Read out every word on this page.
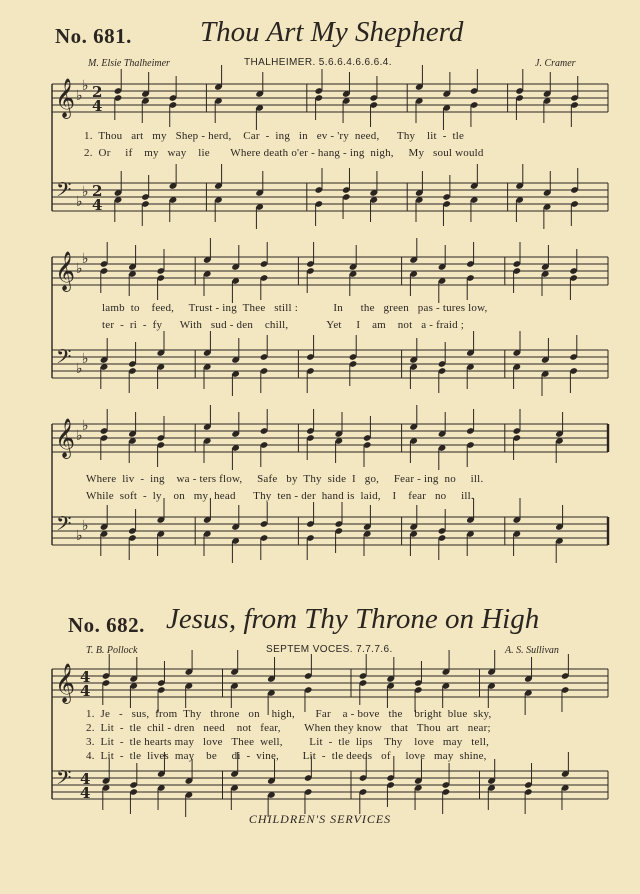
No. 681. Thou Art My Shepherd
M. Elsie Thalheimer	THALHEIMER. 5.6.6.4.6.6.6.4.	J. Cramer
1.  Thou   art   my   Shep - herd,    Car  -  ing   in   ev - 'ry  need,      Thy    lit  -  tle
2.  Or     if    my   way    lie       Where death o'er - hang - ing  nigh,     My   soul would
lamb  to    feed,     Trust - ing  Thee   still :            In      the   green   pas - tures low,
ter  -  ri  -  fy      With   sud - den    chill,             Yet     I    am    not   a - fraid ;
Where  liv  -  ing    wa - ters flow,     Safe   by  Thy  side  I   go,     Fear - ing  no     ill.
While  soft  -  ly    on   my  head      Thy  ten - der  hand is  laid,    I    fear   no     ill.
No. 682. Jesus, from Thy Throne on High
T. B. Pollock	SEPTEM VOCES. 7.7.7.6.	A. S. Sullivan
1.  Je   -   sus,  from  Thy   throne   on    high,       Far    a - bove   the    bright  blue  sky,
2.  Lit  -  tle  chil - dren   need    not   fear,        When they know   that   Thou  art   near;
3.  Lit  -  tle hearts may   love   Thee  well,         Lit  -  tle  lips    Thy    love   may   tell,
4.  Lit  -  tle  lives  may    be     di  -  vine,        Lit  -  tle deeds   of     love   may  shine,
CHILDREN'S SERVICES
𝄞
𝄢
♭
♭
♭
♭
2
4
2
4
𝄞
𝄢
♭
♭
♭
♭
𝄞
𝄢
♭
♭
♭
♭
𝄞
𝄢
4
4
4
4
